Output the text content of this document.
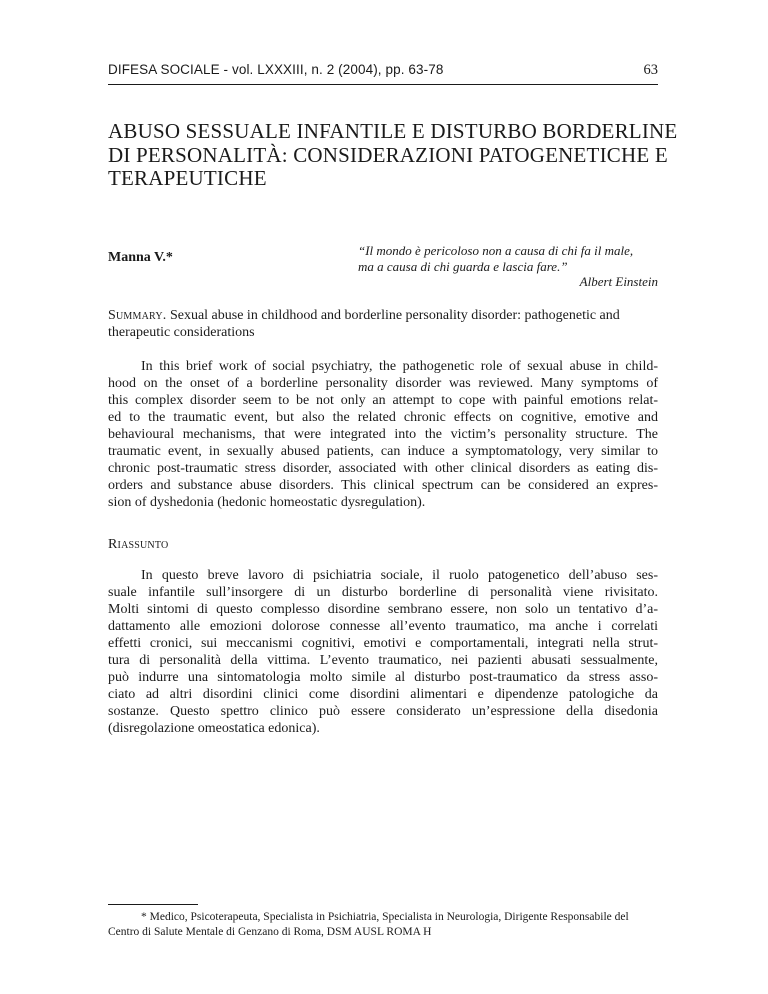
DIFESA SOCIALE - vol. LXXXIII, n. 2 (2004), pp. 63-78	63
ABUSO SESSUALE INFANTILE E DISTURBO BORDERLINE
DI PERSONALITÀ: CONSIDERAZIONI PATOGENETICHE E
TERAPEUTICHE
Manna V.*	“Il mondo è pericoloso non a causa di chi fa il male,
ma a causa di chi guarda e lascia fare.”
Albert Einstein
Summary. Sexual abuse in childhood and borderline personality disorder: pathogenetic and
therapeutic considerations
In this brief work of social psychiatry, the pathogenetic role of sexual abuse in child-
hood on the onset of a borderline personality disorder was reviewed. Many symptoms of
this complex disorder seem to be not only an attempt to cope with painful emotions relat-
ed to the traumatic event, but also the related chronic effects on cognitive, emotive and
behavioural mechanisms, that were integrated into the victim’s personality structure. The
traumatic event, in sexually abused patients, can induce a symptomatology, very similar to
chronic post-traumatic stress disorder, associated with other clinical disorders as eating dis-
orders and substance abuse disorders. This clinical spectrum can be considered an expres-
sion of dyshedonia (hedonic homeostatic dysregulation).
Riassunto
In questo breve lavoro di psichiatria sociale, il ruolo patogenetico dell’abuso ses-
suale infantile sull’insorgere di un disturbo borderline di personalità viene rivisitato.
Molti sintomi di questo complesso disordine sembrano essere, non solo un tentativo d’a-
dattamento alle emozioni dolorose connesse all’evento traumatico, ma anche i correlati
effetti cronici, sui meccanismi cognitivi, emotivi e comportamentali, integrati nella strut-
tura di personalità della vittima. L’evento traumatico, nei pazienti abusati sessualmente,
può indurre una sintomatologia molto simile al disturbo post-traumatico da stress asso-
ciato ad altri disordini clinici come disordini alimentari e dipendenze patologiche da
sostanze. Questo spettro clinico può essere considerato un’espressione della disedonia
(disregolazione omeostatica edonica).
* Medico, Psicoterapeuta, Specialista in Psichiatria, Specialista in Neurologia, Dirigente Responsabile del
Centro di Salute Mentale di Genzano di Roma, DSM AUSL ROMA H
